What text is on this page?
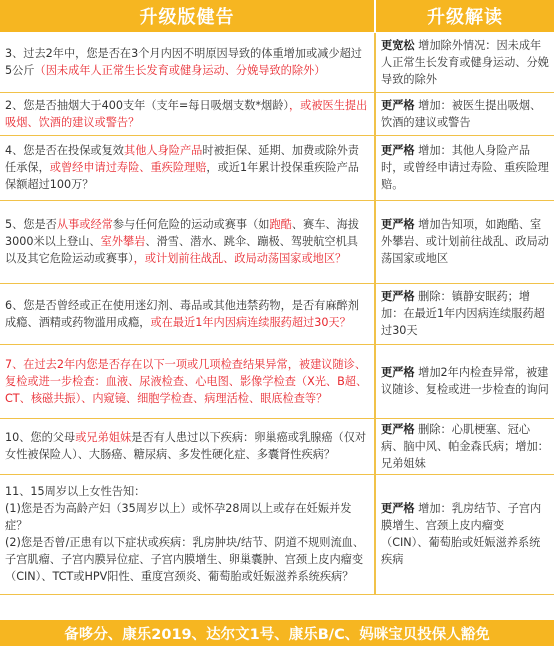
升级版健告	升级解读
3、过去2年中，您是否在3个月内因不明原因导致的体重增加或减少超过5公斤（因未成年人正常生长发育或健身运动、分娩导致的除外）	更宽松 增加除外情况：因未成年人正常生长发育或健身运动、分娩导致的除外
2、您是否抽烟大于400支年（支年=每日吸烟支数*烟龄），或被医生提出吸烟、饮酒的建议或警告？	更严格 增加：被医生提出吸烟、饮酒的建议或警告
4、您是否在投保或复效其他人身险产品时被拒保、延期、加费或除外责任承保，或曾经申请过寿险、重疾险理赔，或近1年累计投保重疾险产品保额超过100万？	更严格 增加：其他人身险产品时，或曾经申请过寿险、重疾险理赔。
5、您是否从事或经常参与任何危险的运动或赛事（如跑酷、赛车、海拔3000米以上登山、室外攀岩、滑雪、潜水、跳伞、蹦极、驾驶航空机具以及其它危险运动或赛事），或计划前往战乱、政局动荡国家或地区？	更严格 增加告知项，如跑酷、室外攀岩、或计划前往战乱、政局动荡国家或地区
6、您是否曾经或正在使用迷幻剂、毒品或其他违禁药物，是否有麻醉剂成瘾、酒精或药物滥用成瘾，或在最近1年内因病连续服药超过30天？	更严格 删除：镇静安眠药；增加：在最近1年内因病连续服药超过30天
7、在过去2年内您是否存在以下一项或几项检查结果异常，被建议随诊、复检或进一步检查：血液、尿液检查、心电图、影像学检查（X光、B超、CT、核磁共振）、内窥镜、细胞学检查、病理活检、眼底检查等？	更严格 增加2年内检查异常，被建议随诊、复检或进一步检查的询问
10、您的父母或兄弟姐妹是否有人患过以下疾病：卵巢癌或乳腺癌（仅对女性被保险人）、大肠癌、糖尿病、多发性硬化症、多囊肾性疾病？	更严格 删除：心肌梗塞、冠心病、脑中风、帕金森氏病；增加：兄弟姐妹

11、15周岁以上女性告知：
(1)您是否为高龄产妇（35周岁以上）或怀孕28周以上或存在妊娠并发症？
(2)您是否曾/正患有以下症状或疾病：乳房肿块/结节、阴道不规则流血、子宫肌瘤、子宫内膜异位症、子宫内膜增生、卵巢囊肿、宫颈上皮内瘤变（CIN）、TCT或HPV阳性、重度宫颈炎、葡萄胎或妊娠滋养系统疾病？	更严格 增加：乳房结节、子宫内膜增生、宫颈上皮内瘤变（CIN）、葡萄胎或妊娠滋养系统疾病
备哆分、康乐2019、达尔文1号、康乐B/C、妈咪宝贝投保人豁免
